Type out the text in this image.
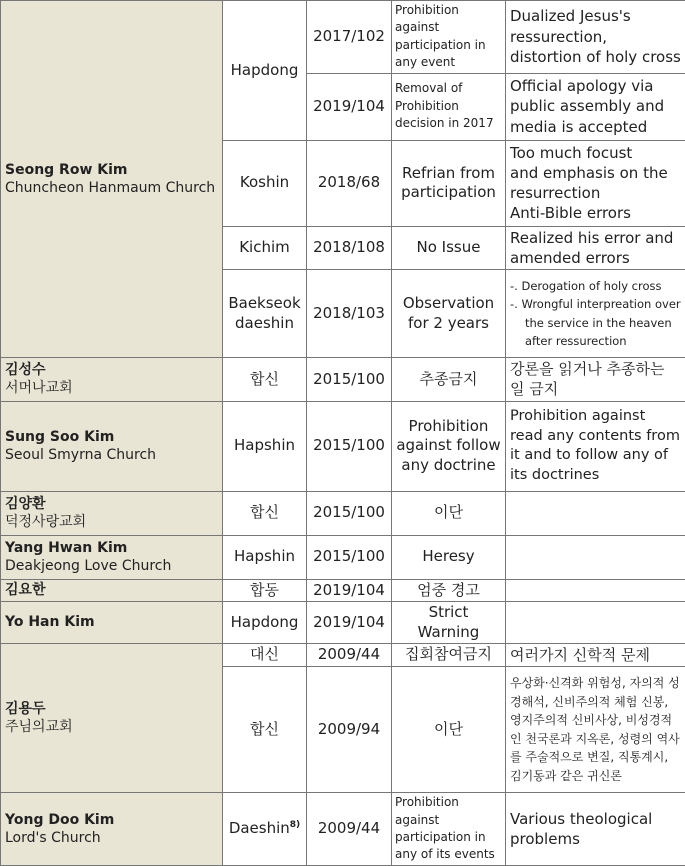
Seong Row Kim
Chuncheon Hanmaum Church	Hapdong	2017/102	Prohibition against participation in any event	Dualized Jesus's ressurection, distortion of holy cross
		2019/104	Removal of Prohibition decision in 2017	Official apology via public assembly and media is accepted
	Koshin	2018/68	Refrian from participation	Too much focust
and emphasis on the
resurrection
Anti-Bible errors

	Kichim	2018/108	No Issue	Realized his error and amended errors
	Baekseok daeshin	2018/103	Observation for 2 years	-. Derogation of holy cross
-. Wrongful interpreation over the service in the heaven after ressurection

김성수
서머나교회	합신	2015/100	추종금지	강론을 읽거나 추종하는 일 금지

Sung Soo Kim
Seoul Smyrna Church	Hapshin	2015/100	Prohibition against follow any doctrine	Prohibition against read any contents from it and to follow any of its doctrines

김양환
덕정사랑교회	합신	2015/100	이단	

Yang Hwan Kim
Deakjeong Love Church	Hapshin	2015/100	Heresy	

김요한	합동	2019/104	엄중 경고	

Yo Han Kim	Hapdong	2019/104	Strict Warning	

김용두
주님의교회	대신	2009/44	집회참여금지	여러가지 신학적 문제
	합신	2009/94	이단	우상화·신격화 위험성, 자의적 성경해석, 신비주의적 체험 신봉, 영지주의적 신비사상, 비성경적인 천국론과 지옥론, 성령의 역사를 주술적으로 변질, 직통계시, 김기동과 같은 귀신론

Yong Doo Kim
Lord's Church	Daeshin$^{8)}$	2009/44	Prohibition against participation in any of its events	Various theological problems
